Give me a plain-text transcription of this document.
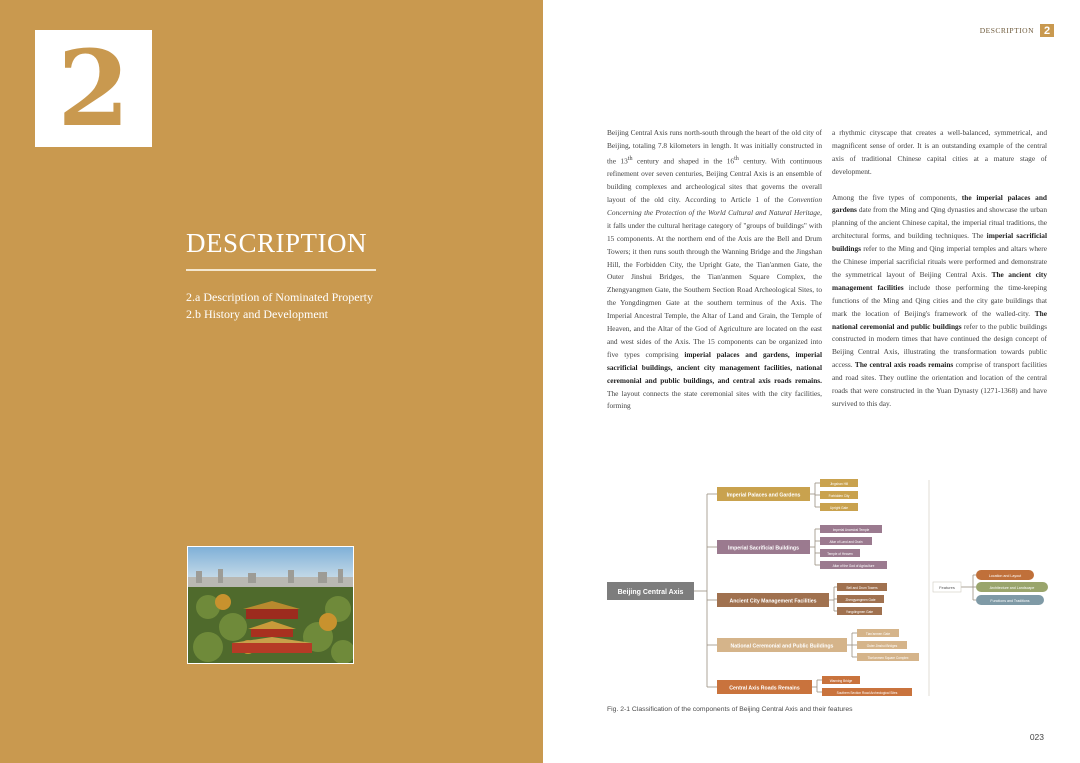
2
DESCRIPTION
2.a Description of Nominated Property
2.b History and Development
DESCRIPTION 2

Beijing Central Axis runs north-south through the heart of the old city of Beijing, totaling 7.8 kilometers in length. It was initially constructed in the 13th century and shaped in the 16th century. With continuous refinement over seven centuries, Beijing Central Axis is an ensemble of building complexes and archeological sites that governs the overall layout of the old city. According to Article 1 of the Convention Concerning the Protection of the World Cultural and Natural Heritage, it falls under the cultural heritage category of "groups of buildings" with 15 components. At the northern end of the Axis are the Bell and Drum Towers; it then runs south through the Wanning Bridge and the Jingshan Hill, the Forbidden City, the Upright Gate, the Tian'anmen Gate, the Outer Jinshui Bridges, the Tian'anmen Square Complex, the Zhengyangmen Gate, the Southern Section Road Archeological Sites, to the Yongdingmen Gate at the southern terminus of the Axis. The Imperial Ancestral Temple, the Altar of Land and Grain, the Temple of Heaven, and the Altar of the God of Agriculture are located on the east and west sides of the Axis. The 15 components can be organized into five types comprising imperial palaces and gardens, imperial sacrificial buildings, ancient city management facilities, national ceremonial and public buildings, and central axis roads remains. The layout connects the state ceremonial sites with the city facilities, forming

a rhythmic cityscape that creates a well-balanced, symmetrical, and magnificent sense of order. It is an outstanding example of the central axis of traditional Chinese capital cities at a mature stage of development.

Among the five types of components, the imperial palaces and gardens date from the Ming and Qing dynasties and showcase the urban planning of the ancient Chinese capital, the imperial ritual traditions, the architectural forms, and building techniques. The imperial sacrificial buildings refer to the Ming and Qing imperial temples and altars where the Chinese imperial sacrificial rituals were performed and demonstrate the symmetrical layout of Beijing Central Axis. The ancient city management facilities include those performing the time-keeping functions of the Ming and Qing cities and the city gate buildings that mark the location of Beijing's framework of the walled-city. The national ceremonial and public buildings refer to the public buildings constructed in modern times that have continued the design concept of Beijing Central Axis, illustrating the transformation towards public access. The central axis roads remains comprise of transport facilities and road sites. They outline the orientation and location of the central roads that were constructed in the Yuan Dynasty (1271-1368) and have survived to this day.

Beijing Central Axis
Imperial Palaces and Gardens
Imperial Sacrificial Buildings
Ancient City Management Facilities
National Ceremonial and Public Buildings
Central Axis Roads Remains
Jingshan Hill
Forbidden City
Upright Gate
Imperial Ancestral Temple
Altar of Land and Grain
Temple of Heaven
Altar of the God of Agriculture
Bell and Drum Towers
Zhengyangmen Gate
Yongdingmen Gate
Tian'anmen Gate
Outer Jinshui Bridges
Tian'anmen Square Complex
Wanning Bridge
Southern Section Road Archeological Sites
Features
Location and Layout
Architecture and Landscape
Functions and Traditions
Fig. 2-1 Classification of the components of Beijing Central Axis and their features
023
